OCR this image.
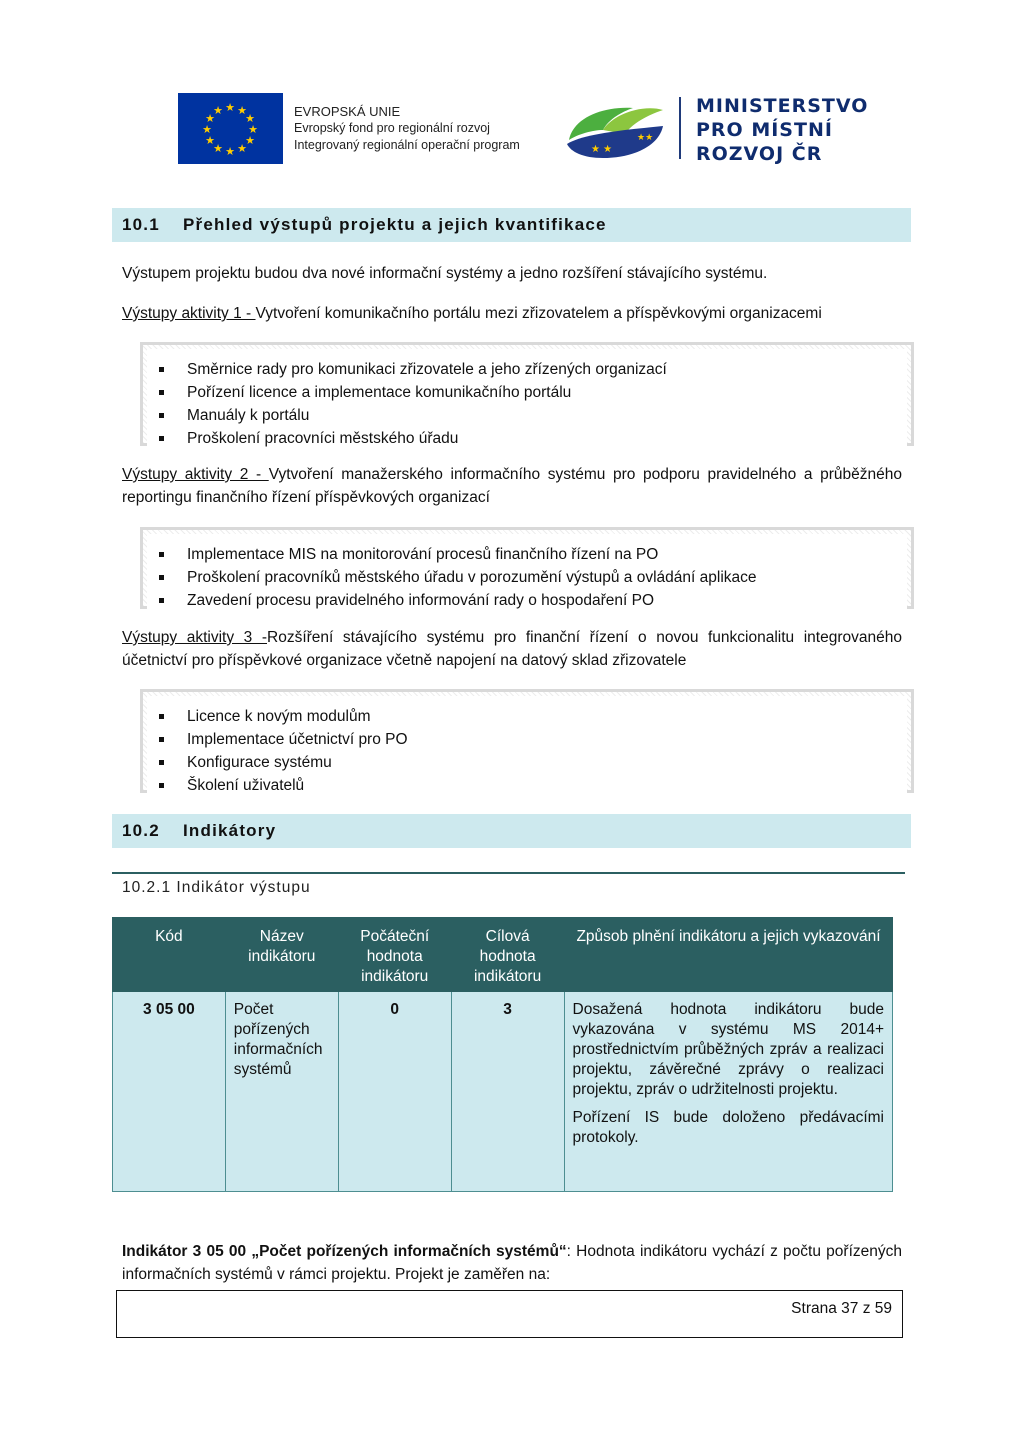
★ ★
★
★
★
★
★
★
★
★
★
★	EVROPSKÁ UNIE
Evropský fond pro regionální rozvoj
Integrovaný regionální operační program	★ ★
★★
MINISTERSTVO
PRO MÍSTNÍ
ROZVOJ ČR
10.1 Přehled výstupů projektu a jejich kvantifikace
Výstupem projektu budou dva nové informační systémy a jedno rozšíření stávajícího systému.
Výstupy aktivity 1 - Vytvoření komunikačního portálu mezi zřizovatelem a příspěvkovými organizacemi
Směrnice rady pro komunikaci zřizovatele a jeho zřízených organizací
Pořízení licence a implementace komunikačního portálu
Manuály k portálu
Proškolení pracovníci městského úřadu
Výstupy aktivity 2 - Vytvoření manažerského informačního systému pro podporu pravidelného a průběžného reportingu finančního řízení příspěvkových organizací
Implementace MIS na monitorování procesů finančního řízení na PO
Proškolení pracovníků městského úřadu v porozumění výstupů a ovládání aplikace
Zavedení procesu pravidelného informování rady o hospodaření PO
Výstupy aktivity 3 -Rozšíření stávajícího systému pro finanční řízení o novou funkcionalitu integrovaného účetnictví pro příspěvkové organizace včetně napojení na datový sklad zřizovatele
Licence k novým modulům
Implementace účetnictví pro PO
Konfigurace systému
Školení uživatelů
10.2 Indikátory
10.2.1 Indikátor výstupu
Kód	Název indikátoru	Počáteční hodnota indikátoru	Cílová hodnota indikátoru	Způsob plnění indikátoru a jejich vykazování
3 05 00	Počet pořízených informačních systémů	0	3	Dosažená hodnota indikátoru bude vykazována v systému MS 2014+ prostřednictvím průběžných zpráv a realizaci projektu, závěrečné zprávy o realizaci projektu, zpráv o udržitelnosti projektu.

Pořízení IS bude doloženo předávacími protokoly.

Indikátor 3 05 00 „Počet pořízených informačních systémů“: Hodnota indikátoru vychází z počtu pořízených informačních systémů v rámci projektu. Projekt je zaměřen na:
Strana 37 z 59
